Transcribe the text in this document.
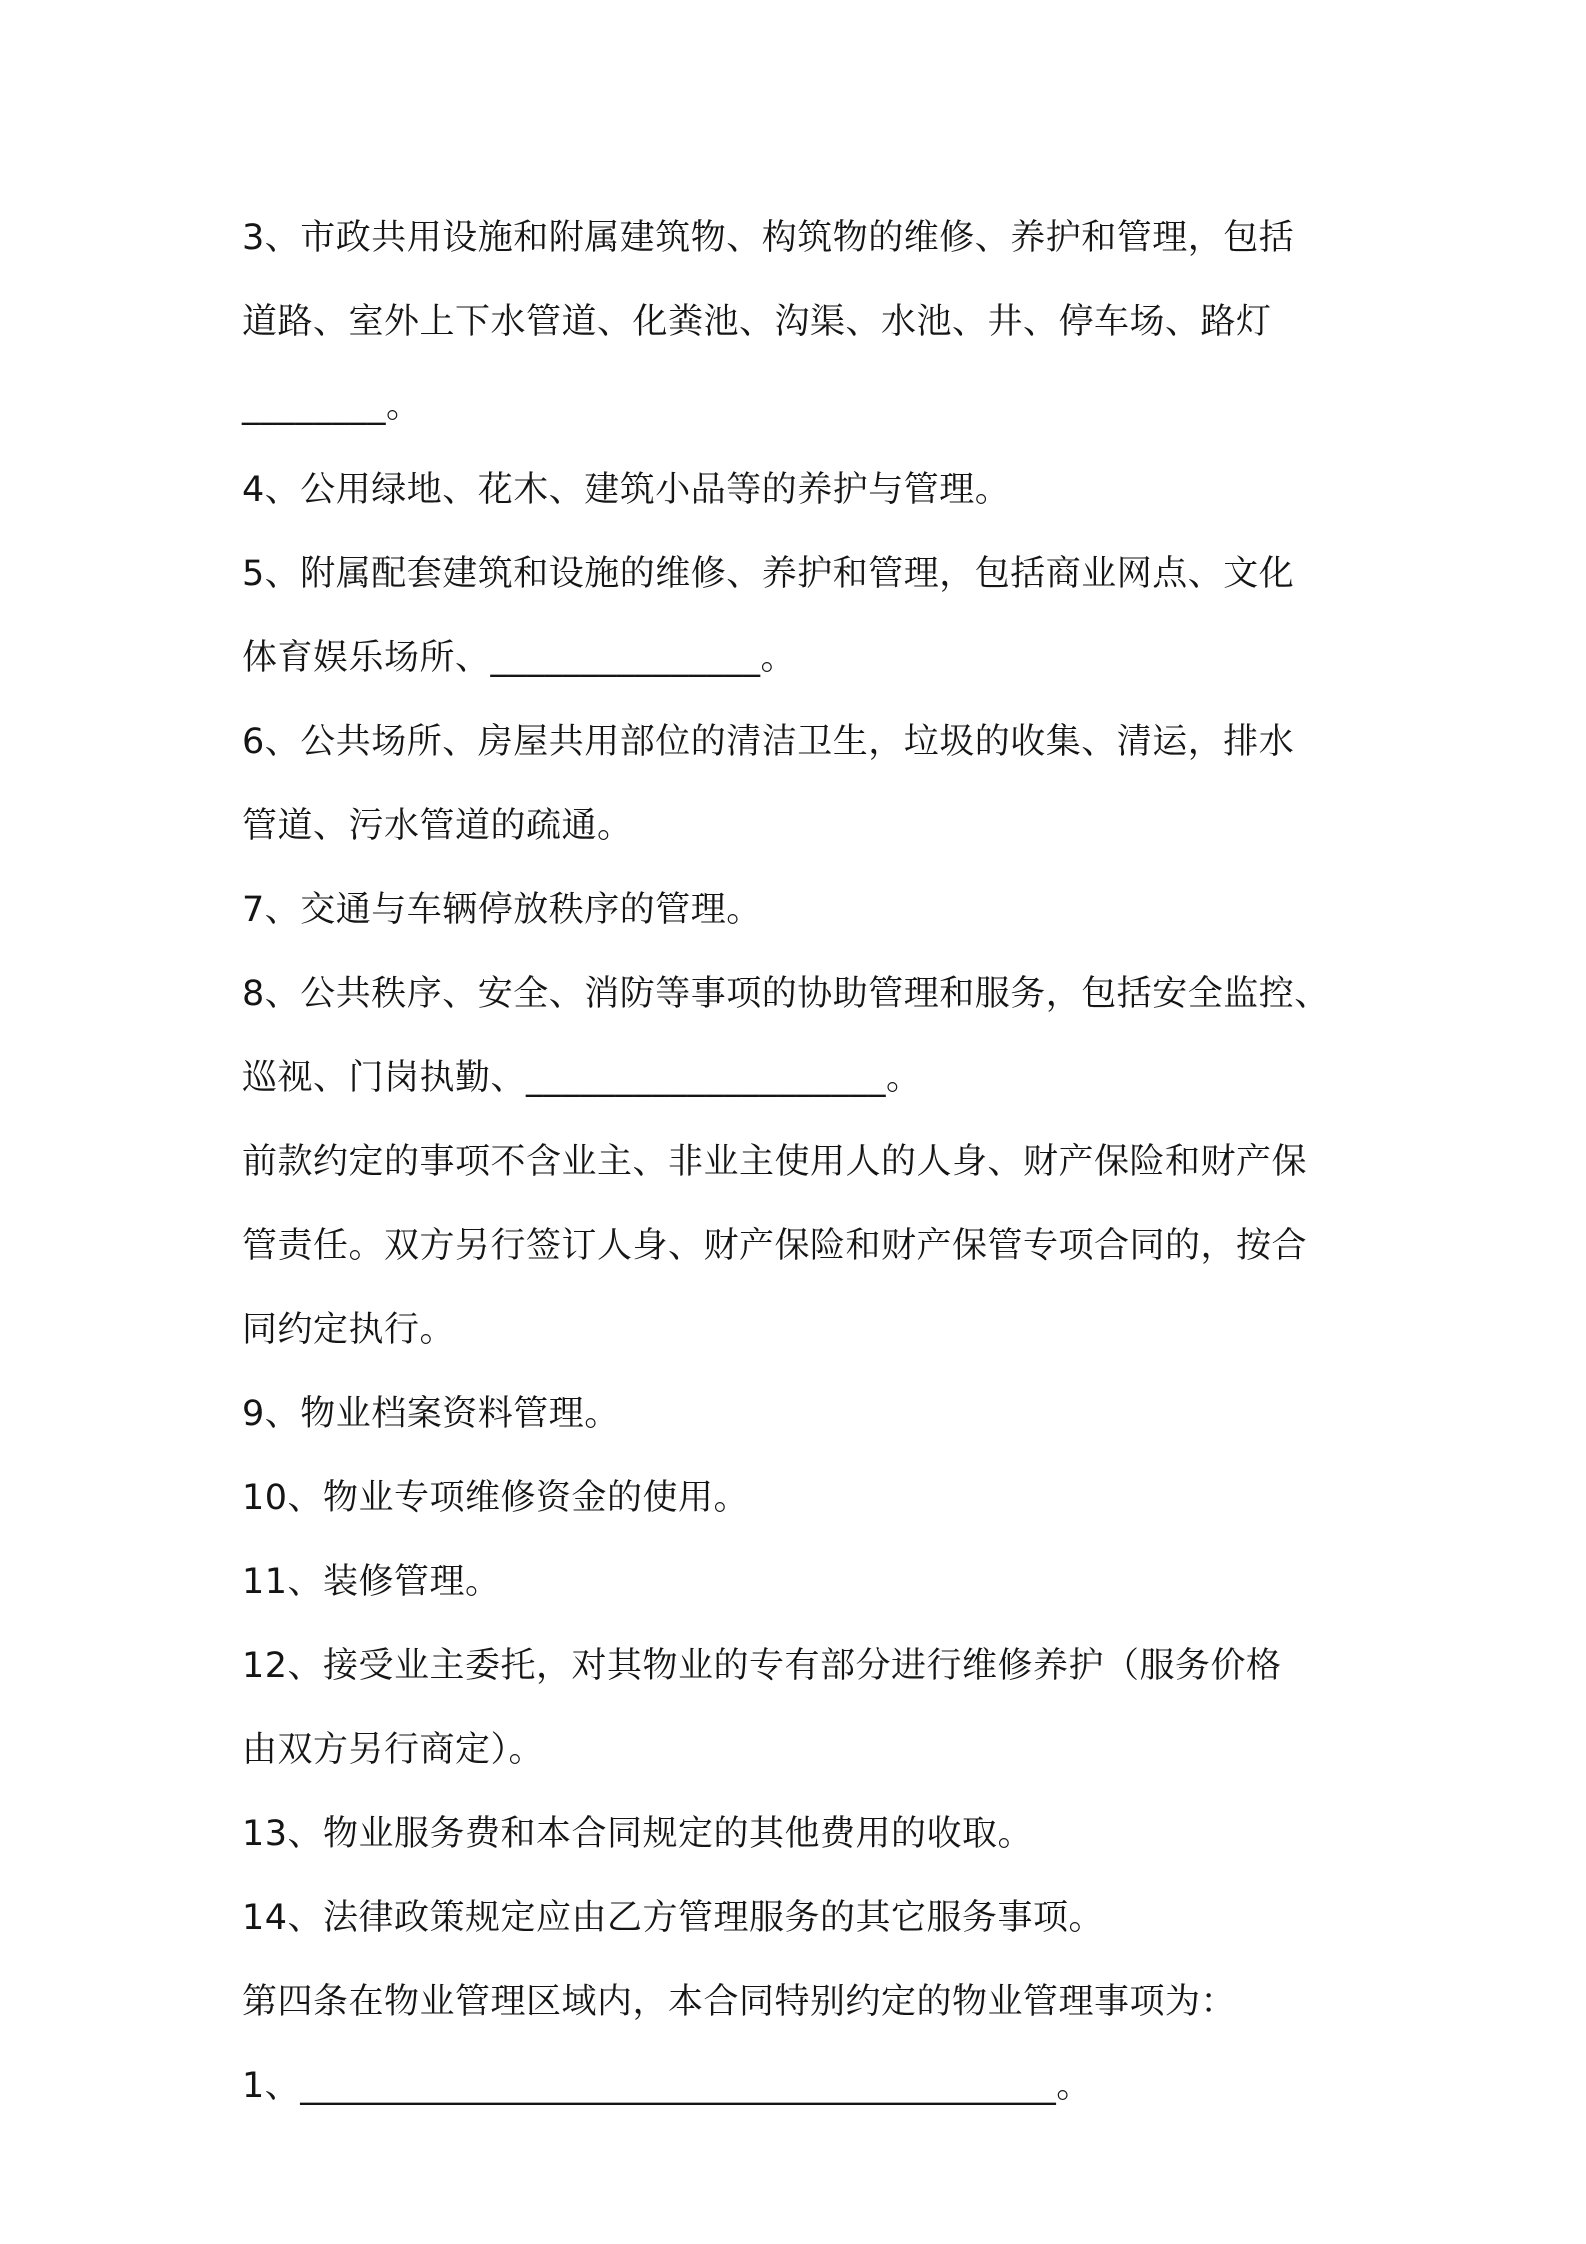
3、市政共用设施和附属建筑物、构筑物的维修、养护和管理，包括
道路、室外上下水管道、化粪池、沟渠、水池、井、停车场、路灯________。

4、公用绿地、花木、建筑小品等的养护与管理。

5、附属配套建筑和设施的维修、养护和管理，包括商业网点、文化
体育娱乐场所、_______________。

6、公共场所、房屋共用部位的清洁卫生，垃圾的收集、清运，排水
管道、污水管道的疏通。

7、交通与车辆停放秩序的管理。

8、公共秩序、安全、消防等事项的协助管理和服务，包括安全监控、
巡视、门岗执勤、____________________。

前款约定的事项不含业主、非业主使用人的人身、财产保险和财产保
管责任。双方另行签订人身、财产保险和财产保管专项合同的，按合
同约定执行。

9、物业档案资料管理。

10、物业专项维修资金的使用。

11、装修管理。

12、接受业主委托，对其物业的专有部分进行维修养护（服务价格
由双方另行商定）。

13、物业服务费和本合同规定的其他费用的收取。

14、法律政策规定应由乙方管理服务的其它服务事项。

第四条在物业管理区域内，本合同特别约定的物业管理事项为：

1、__________________________________________。
